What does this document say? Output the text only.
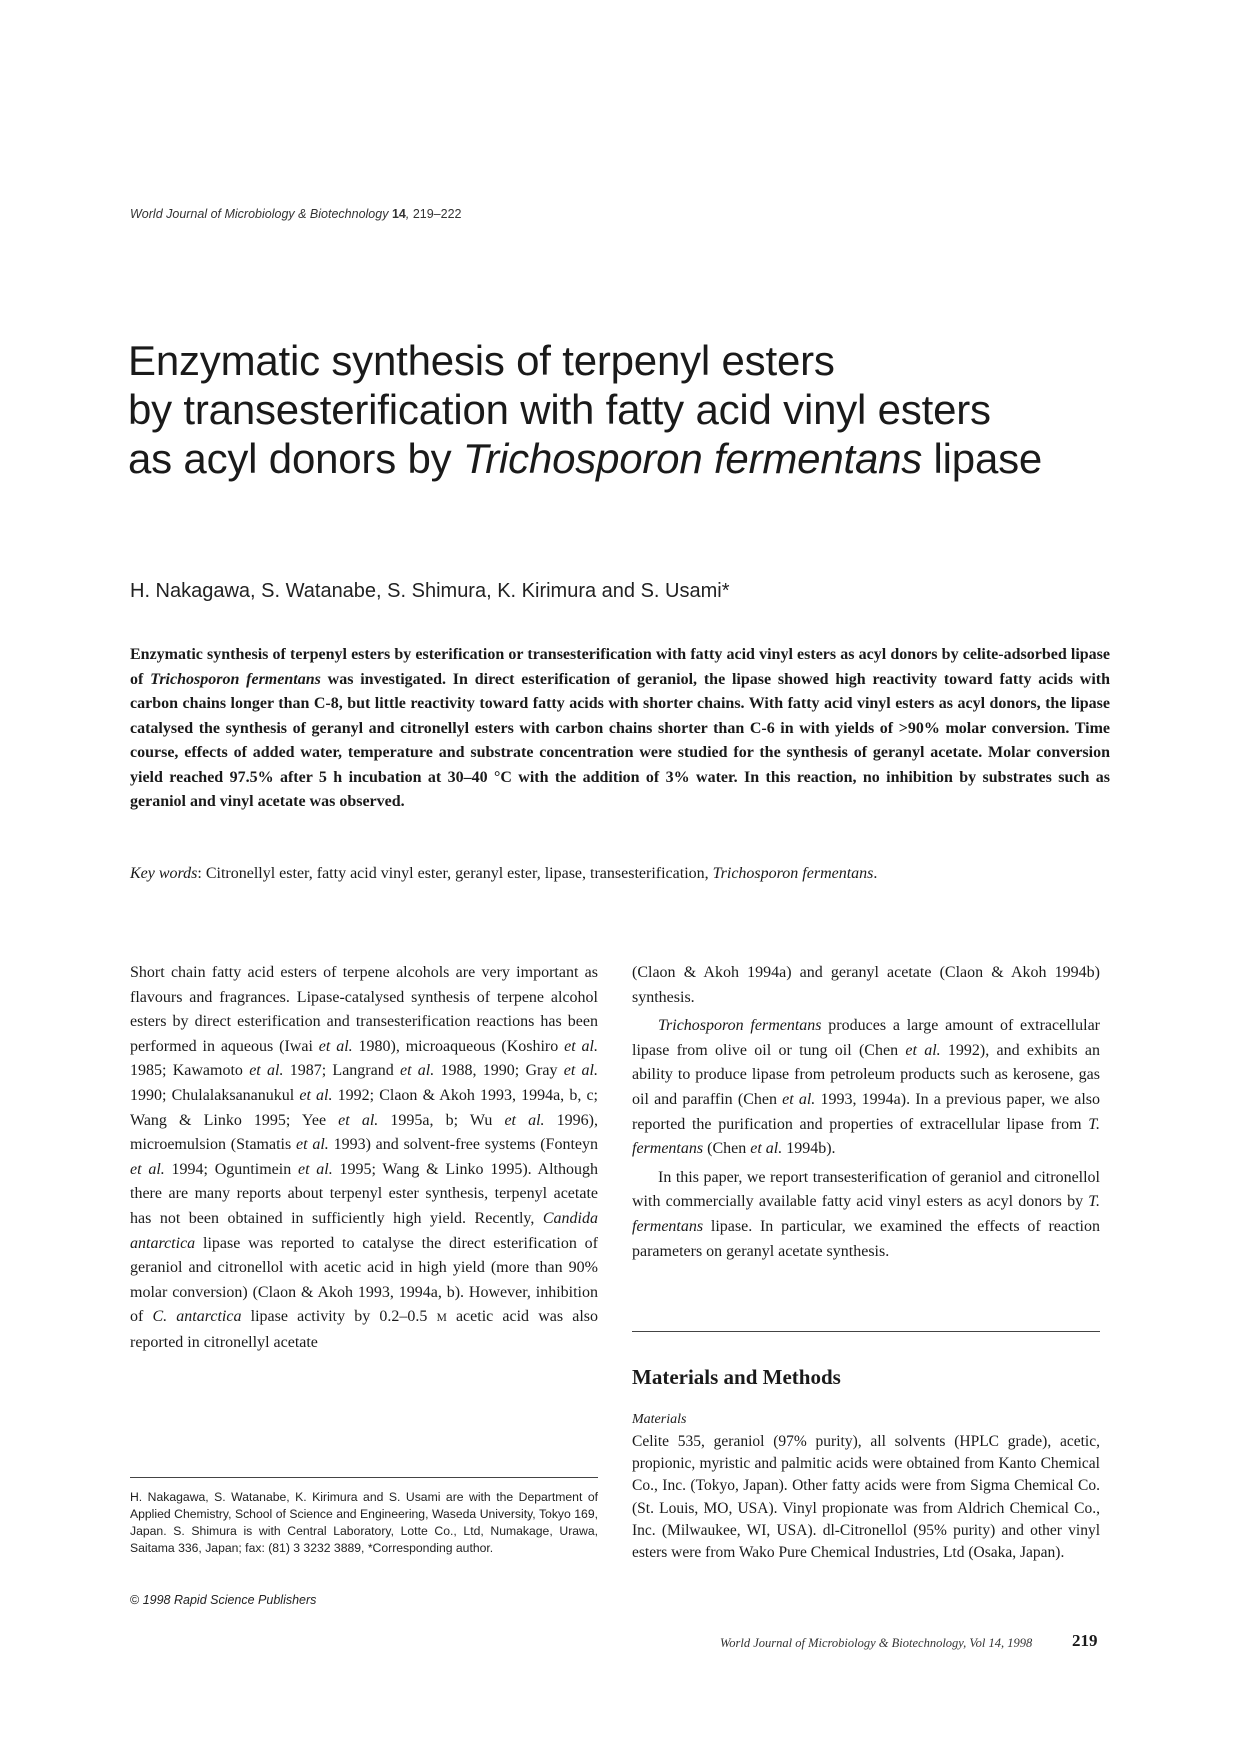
World Journal of Microbiology & Biotechnology 14, 219–222
Enzymatic synthesis of terpenyl esters
by transesterification with fatty acid vinyl esters
as acyl donors by Trichosporon fermentans lipase
H. Nakagawa, S. Watanabe, S. Shimura, K. Kirimura and S. Usami*

Enzymatic synthesis of terpenyl esters by esterification or transesterification with fatty acid vinyl esters as acyl donors by celite-adsorbed lipase of Trichosporon fermentans was investigated. In direct esterification of geraniol, the lipase showed high reactivity toward fatty acids with carbon chains longer than C-8, but little reactivity toward fatty acids with shorter chains. With fatty acid vinyl esters as acyl donors, the lipase catalysed the synthesis of geranyl and citronellyl esters with carbon chains shorter than C-6 in with yields of >90% molar conversion. Time course, effects of added water, temperature and substrate concentration were studied for the synthesis of geranyl acetate. Molar conversion yield reached 97.5% after 5 h incubation at 30–40 °C with the addition of 3% water. In this reaction, no inhibition by substrates such as geraniol and vinyl acetate was observed.

Key words: Citronellyl ester, fatty acid vinyl ester, geranyl ester, lipase, transesterification, Trichosporon fermentans.

Short chain fatty acid esters of terpene alcohols are very important as flavours and fragrances. Lipase-catalysed synthesis of terpene alcohol esters by direct esterification and transesterification reactions has been performed in aqueous (Iwai et al. 1980), microaqueous (Koshiro et al. 1985; Kawamoto et al. 1987; Langrand et al. 1988, 1990; Gray et al. 1990; Chulalaksananukul et al. 1992; Claon & Akoh 1993, 1994a, b, c; Wang & Linko 1995; Yee et al. 1995a, b; Wu et al. 1996), microemulsion (Stamatis et al. 1993) and solvent-free systems (Fonteyn et al. 1994; Oguntimein et al. 1995; Wang & Linko 1995). Although there are many reports about terpenyl ester synthesis, terpenyl acetate has not been obtained in sufficiently high yield. Recently, Candida antarctica lipase was reported to catalyse the direct esterification of geraniol and citronellol with acetic acid in high yield (more than 90% molar conversion) (Claon & Akoh 1993, 1994a, b). However, inhibition of C. antarctica lipase activity by 0.2–0.5 M acetic acid was also reported in citronellyl acetate

(Claon & Akoh 1994a) and geranyl acetate (Claon & Akoh 1994b) synthesis.

Trichosporon fermentans produces a large amount of extracellular lipase from olive oil or tung oil (Chen et al. 1992), and exhibits an ability to produce lipase from petroleum products such as kerosene, gas oil and paraffin (Chen et al. 1993, 1994a). In a previous paper, we also reported the purification and properties of extracellular lipase from T. fermentans (Chen et al. 1994b).

In this paper, we report transesterification of geraniol and citronellol with commercially available fatty acid vinyl esters as acyl donors by T. fermentans lipase. In particular, we examined the effects of reaction parameters on geranyl acetate synthesis.

Materials and Methods
Materials

Celite 535, geraniol (97% purity), all solvents (HPLC grade), acetic, propionic, myristic and palmitic acids were obtained from Kanto Chemical Co., Inc. (Tokyo, Japan). Other fatty acids were from Sigma Chemical Co. (St. Louis, MO, USA). Vinyl propionate was from Aldrich Chemical Co., Inc. (Milwaukee, WI, USA). dl-Citronellol (95% purity) and other vinyl esters were from Wako Pure Chemical Industries, Ltd (Osaka, Japan).

H. Nakagawa, S. Watanabe, K. Kirimura and S. Usami are with the Department of Applied Chemistry, School of Science and Engineering, Waseda University, Tokyo 169, Japan. S. Shimura is with Central Laboratory, Lotte Co., Ltd, Numakage, Urawa, Saitama 336, Japan; fax: (81) 3 3232 3889, *Corresponding author.

© 1998 Rapid Science Publishers
World Journal of Microbiology & Biotechnology, Vol 14, 1998 219
